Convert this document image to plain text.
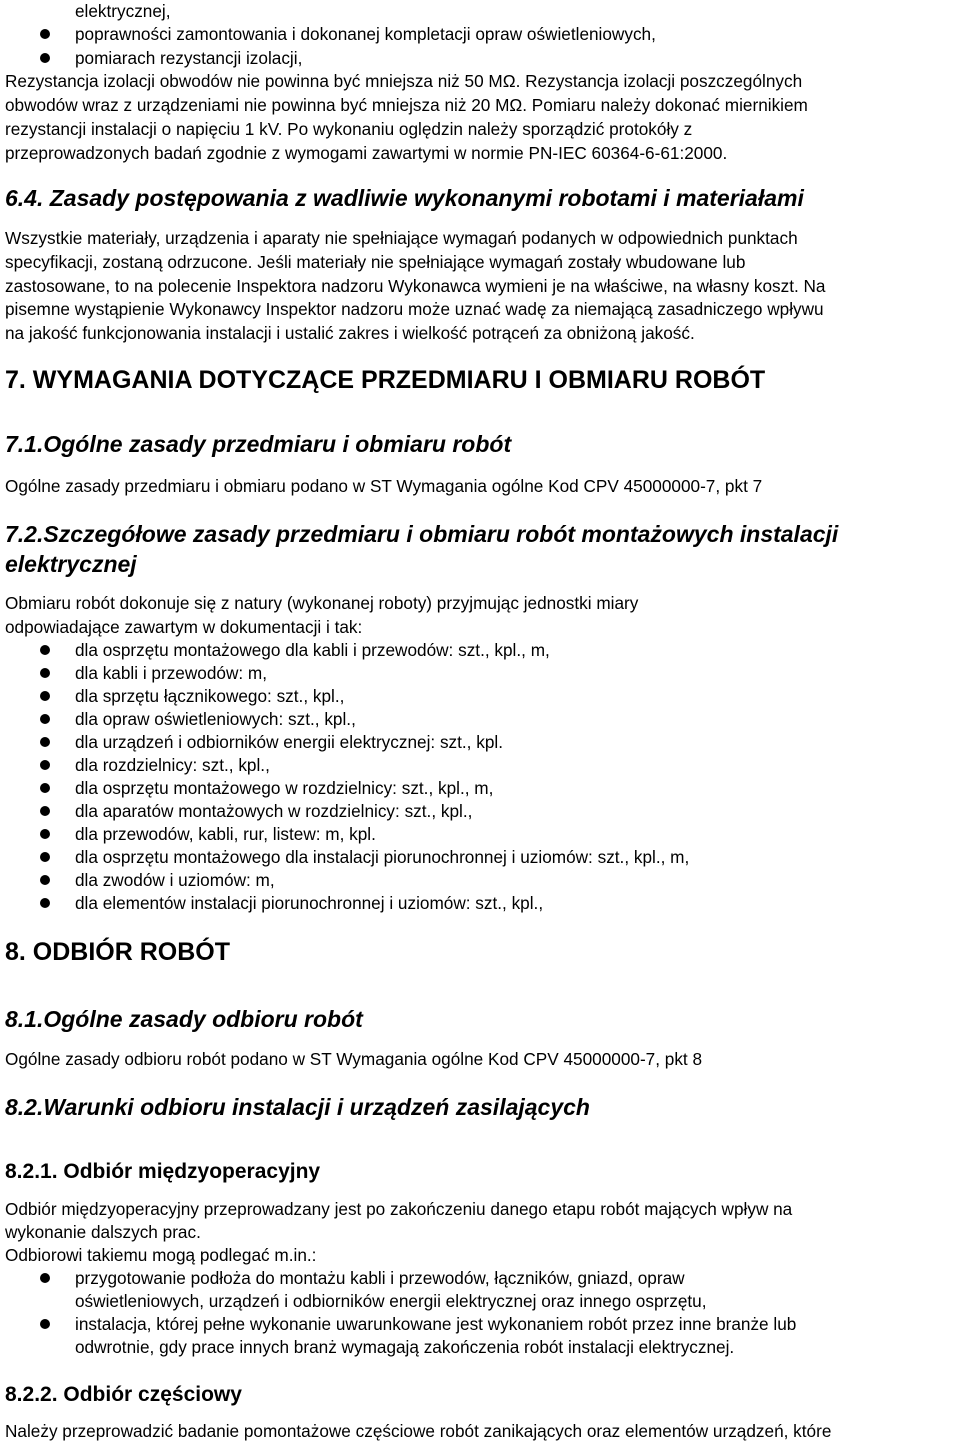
elektrycznej,
poprawności zamontowania i dokonanej kompletacji opraw oświetleniowych,
pomiarach rezystancji izolacji,
Rezystancja izolacji obwodów nie powinna być mniejsza niż 50 MΩ. Rezystancja izolacji poszczególnych
obwodów wraz z urządzeniami nie powinna być mniejsza niż 20 MΩ. Pomiaru należy dokonać miernikiem
rezystancji instalacji o napięciu 1 kV. Po wykonaniu oględzin należy sporządzić protokóły z
przeprowadzonych badań zgodnie z wymogami zawartymi w normie PN-IEC 60364-6-61:2000.
6.4. Zasady postępowania z wadliwie wykonanymi robotami i materiałami
Wszystkie materiały, urządzenia i aparaty nie spełniające wymagań podanych w odpowiednich punktach
specyfikacji, zostaną odrzucone. Jeśli materiały nie spełniające wymagań zostały wbudowane lub
zastosowane, to na polecenie Inspektora nadzoru Wykonawca wymieni je na właściwe, na własny koszt. Na
pisemne wystąpienie Wykonawcy Inspektor nadzoru może uznać wadę za niemającą zasadniczego wpływu
na jakość funkcjonowania instalacji i ustalić zakres i wielkość potrąceń za obniżoną jakość.
7. WYMAGANIA DOTYCZĄCE PRZEDMIARU I OBMIARU ROBÓT
7.1.Ogólne zasady przedmiaru i obmiaru robót
Ogólne zasady przedmiaru i obmiaru podano w ST Wymagania ogólne Kod CPV 45000000-7, pkt 7
7.2.Szczegółowe zasady przedmiaru i obmiaru robót montażowych instalacji
elektrycznej
Obmiaru robót dokonuje się z natury (wykonanej roboty) przyjmując jednostki miary
odpowiadające zawartym w dokumentacji i tak:
dla osprzętu montażowego dla kabli i przewodów: szt., kpl., m,
dla kabli i przewodów: m,
dla sprzętu łącznikowego: szt., kpl.,
dla opraw oświetleniowych: szt., kpl.,
dla urządzeń i odbiorników energii elektrycznej: szt., kpl.
dla rozdzielnicy: szt., kpl.,
dla osprzętu montażowego w rozdzielnicy: szt., kpl., m,
dla aparatów montażowych w rozdzielnicy: szt., kpl.,
dla przewodów, kabli, rur, listew: m, kpl.
dla osprzętu montażowego dla instalacji piorunochronnej i uziomów: szt., kpl., m,
dla zwodów i uziomów: m,
dla elementów instalacji piorunochronnej i uziomów: szt., kpl.,
8. ODBIÓR ROBÓT
8.1.Ogólne zasady odbioru robót
Ogólne zasady odbioru robót podano w ST Wymagania ogólne Kod CPV 45000000-7, pkt 8
8.2.Warunki odbioru instalacji i urządzeń zasilających
8.2.1. Odbiór międzyoperacyjny
Odbiór międzyoperacyjny przeprowadzany jest po zakończeniu danego etapu robót mających wpływ na
wykonanie dalszych prac.
Odbiorowi takiemu mogą podlegać m.in.:
przygotowanie podłoża do montażu kabli i przewodów, łączników, gniazd, opraw
oświetleniowych, urządzeń i odbiorników energii elektrycznej oraz innego osprzętu,
instalacja, której pełne wykonanie uwarunkowane jest wykonaniem robót przez inne branże lub
odwrotnie, gdy prace innych branż wymagają zakończenia robót instalacji elektrycznej.
8.2.2. Odbiór częściowy
Należy przeprowadzić badanie pomontażowe częściowe robót zanikających oraz elementów urządzeń, które
